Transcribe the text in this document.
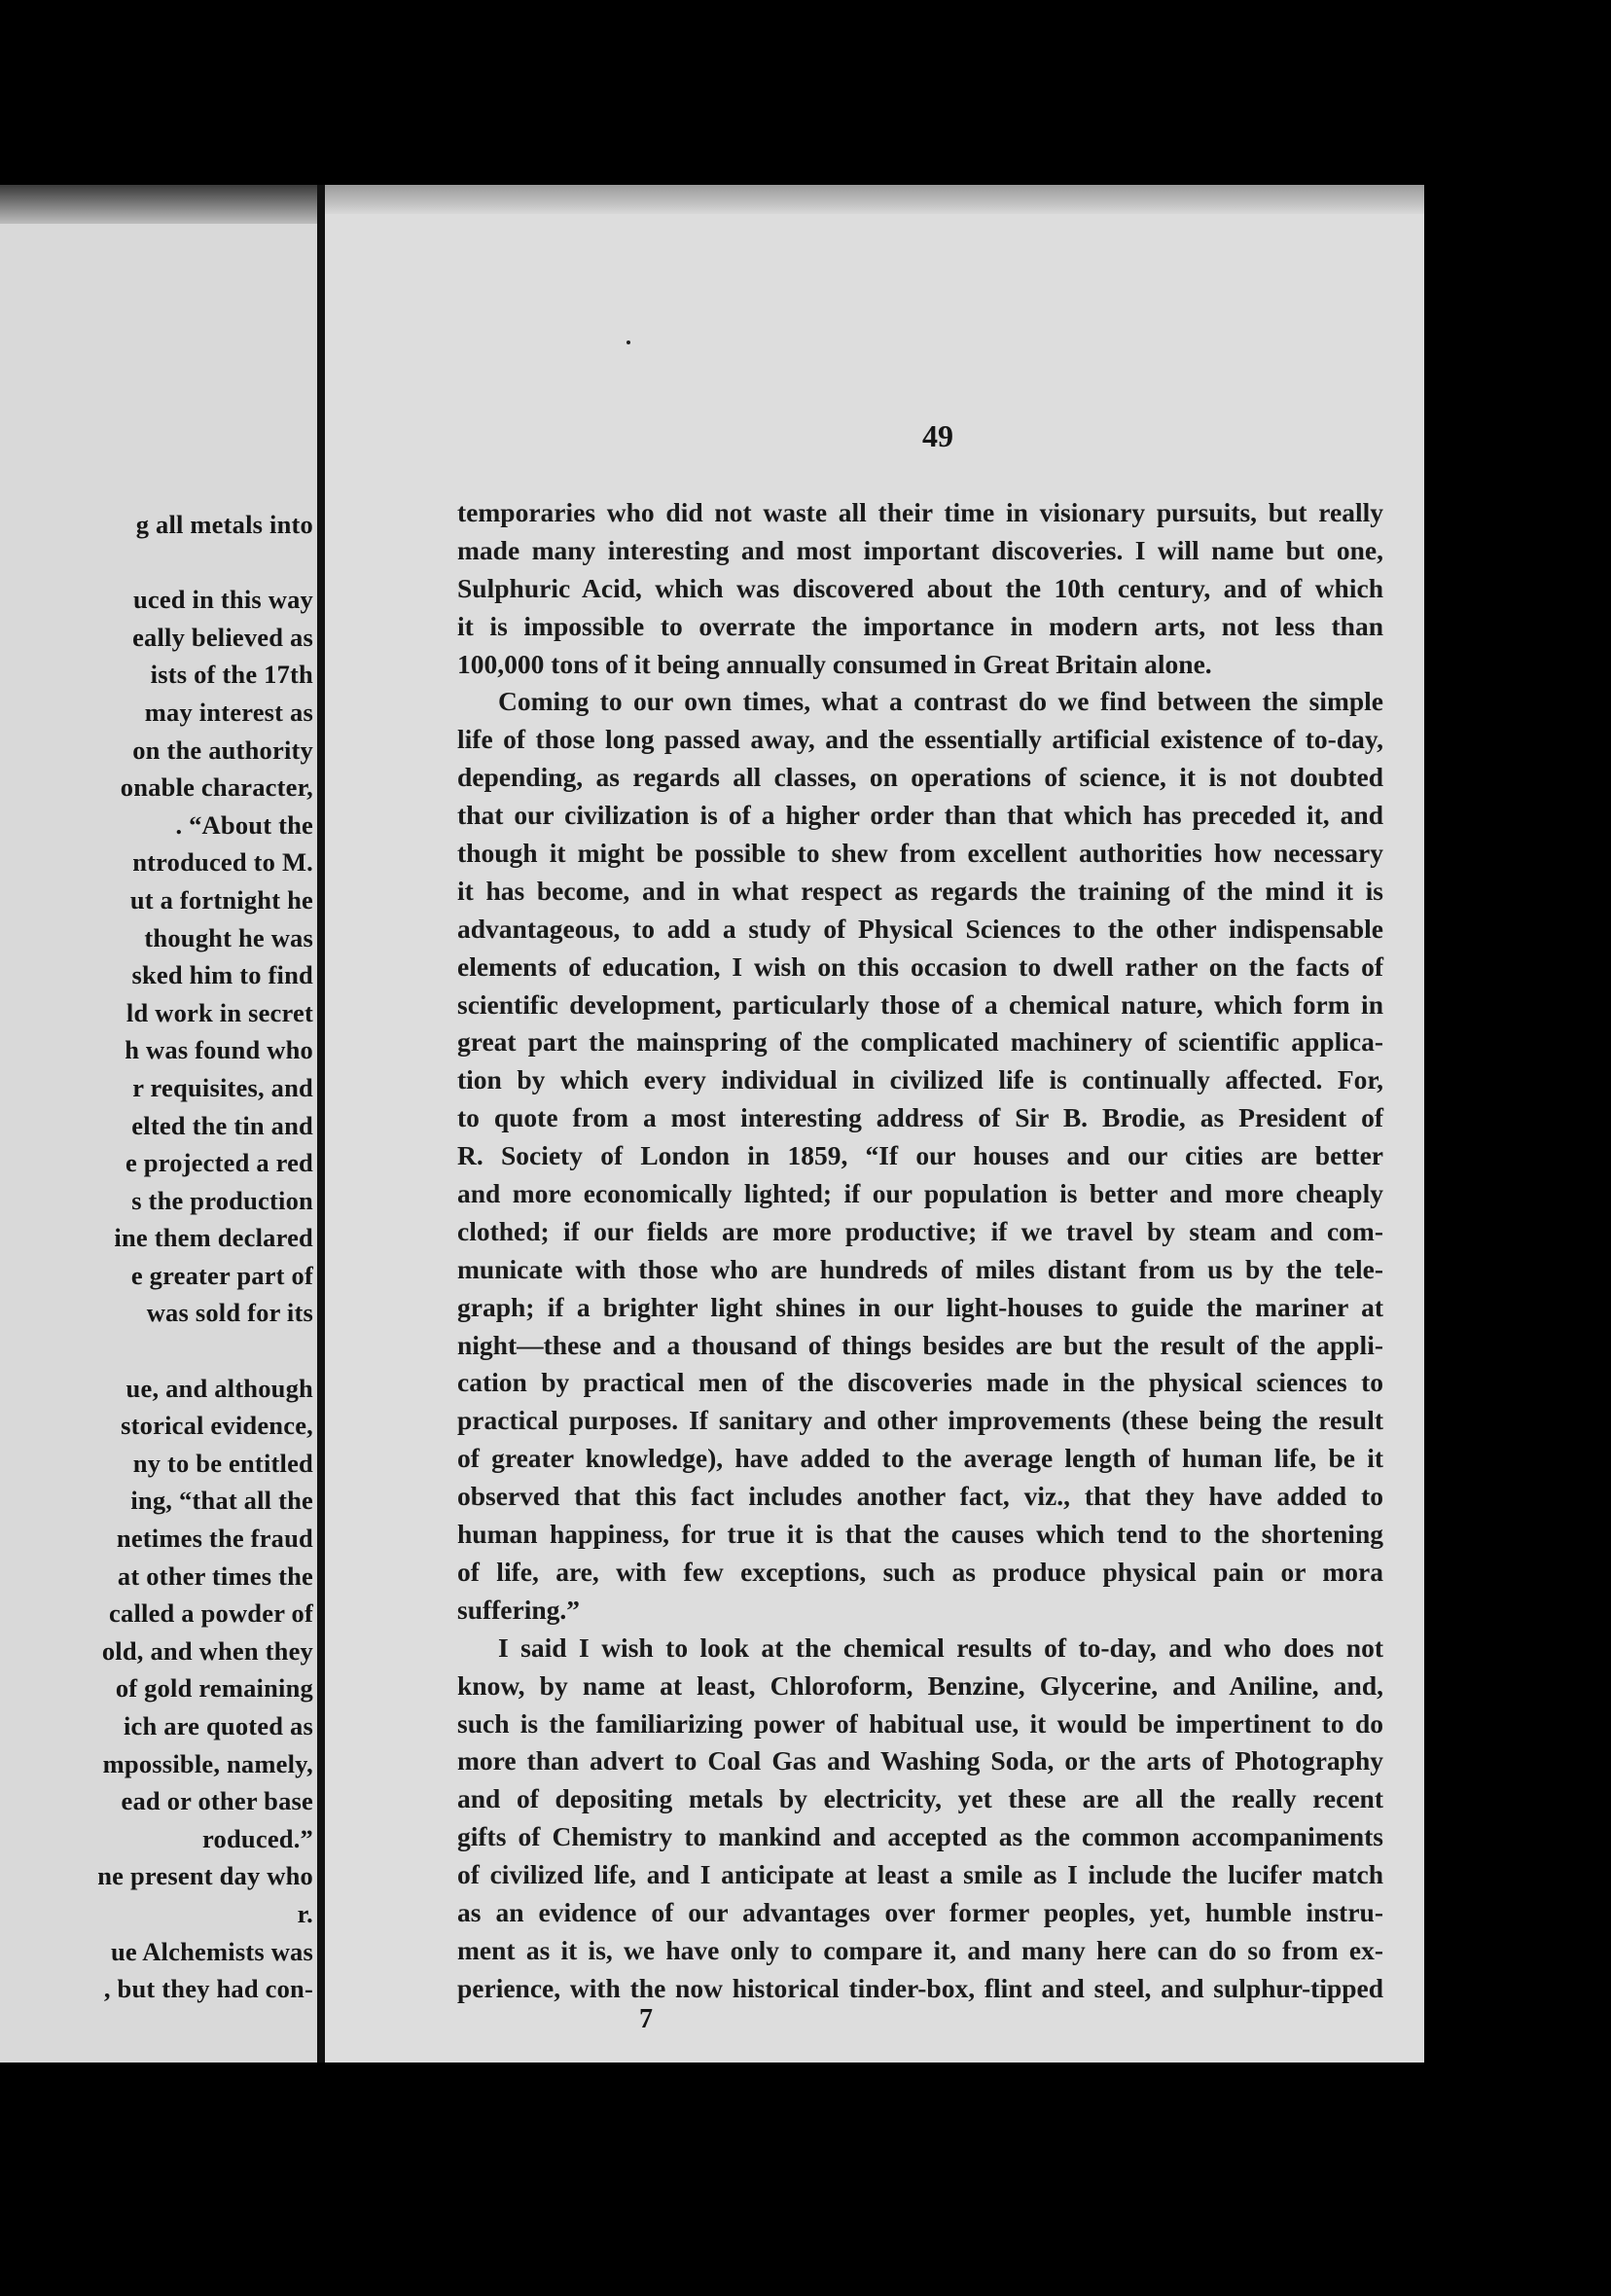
g all metals into
uced in this way
eally believed as
ists of the 17th
may interest as
on the authority
onable character,
. “About the
ntroduced to M.
ut a fortnight he
thought he was
sked him to find
ld work in secret
h was found who
r requisites, and
elted the tin and
e projected a red
s the production
ine them declared
e greater part of
was sold for its
ue, and although
storical evidence,
ny to be entitled
ing, “that all the
netimes the fraud
at other times the
called a powder of
old, and when they
of gold remaining
ich are quoted as
mpossible, namely,
ead or other base
roduced.”
ne present day who
r.
ue Alchemists was
, but they had con-
49
temporaries who did not waste all their time in visionary pursuits, but really
made many interesting and most important discoveries. I will name but one,
Sulphuric Acid, which was discovered about the 10th century, and of which
it is impossible to overrate the importance in modern arts, not less than
100,000 tons of it being annually consumed in Great Britain alone.
Coming to our own times, what a contrast do we find between the simple
life of those long passed away, and the essentially artificial existence of to-day,
depending, as regards all classes, on operations of science, it is not doubted
that our civilization is of a higher order than that which has preceded it, and
though it might be possible to shew from excellent authorities how necessary
it has become, and in what respect as regards the training of the mind it is
advantageous, to add a study of Physical Sciences to the other indispensable
elements of education, I wish on this occasion to dwell rather on the facts of
scientific development, particularly those of a chemical nature, which form in
great part the mainspring of the complicated machinery of scientific applica-
tion by which every individual in civilized life is continually affected. For,
to quote from a most interesting address of Sir B. Brodie, as President of
R. Society of London in 1859, “If our houses and our cities are better
and more economically lighted; if our population is better and more cheaply
clothed; if our fields are more productive; if we travel by steam and com-
municate with those who are hundreds of miles distant from us by the tele-
graph; if a brighter light shines in our light-houses to guide the mariner at
night—these and a thousand of things besides are but the result of the appli-
cation by practical men of the discoveries made in the physical sciences to
practical purposes. If sanitary and other improvements (these being the result
of greater knowledge), have added to the average length of human life, be it
observed that this fact includes another fact, viz., that they have added to
human happiness, for true it is that the causes which tend to the shortening
of life, are, with few exceptions, such as produce physical pain or mora
suffering.”
I said I wish to look at the chemical results of to-day, and who does not
know, by name at least, Chloroform, Benzine, Glycerine, and Aniline, and,
such is the familiarizing power of habitual use, it would be impertinent to do
more than advert to Coal Gas and Washing Soda, or the arts of Photography
and of depositing metals by electricity, yet these are all the really recent
gifts of Chemistry to mankind and accepted as the common accompaniments
of civilized life, and I anticipate at least a smile as I include the lucifer match
as an evidence of our advantages over former peoples, yet, humble instru-
ment as it is, we have only to compare it, and many here can do so from ex-
perience, with the now historical tinder-box, flint and steel, and sulphur-tipped
7
